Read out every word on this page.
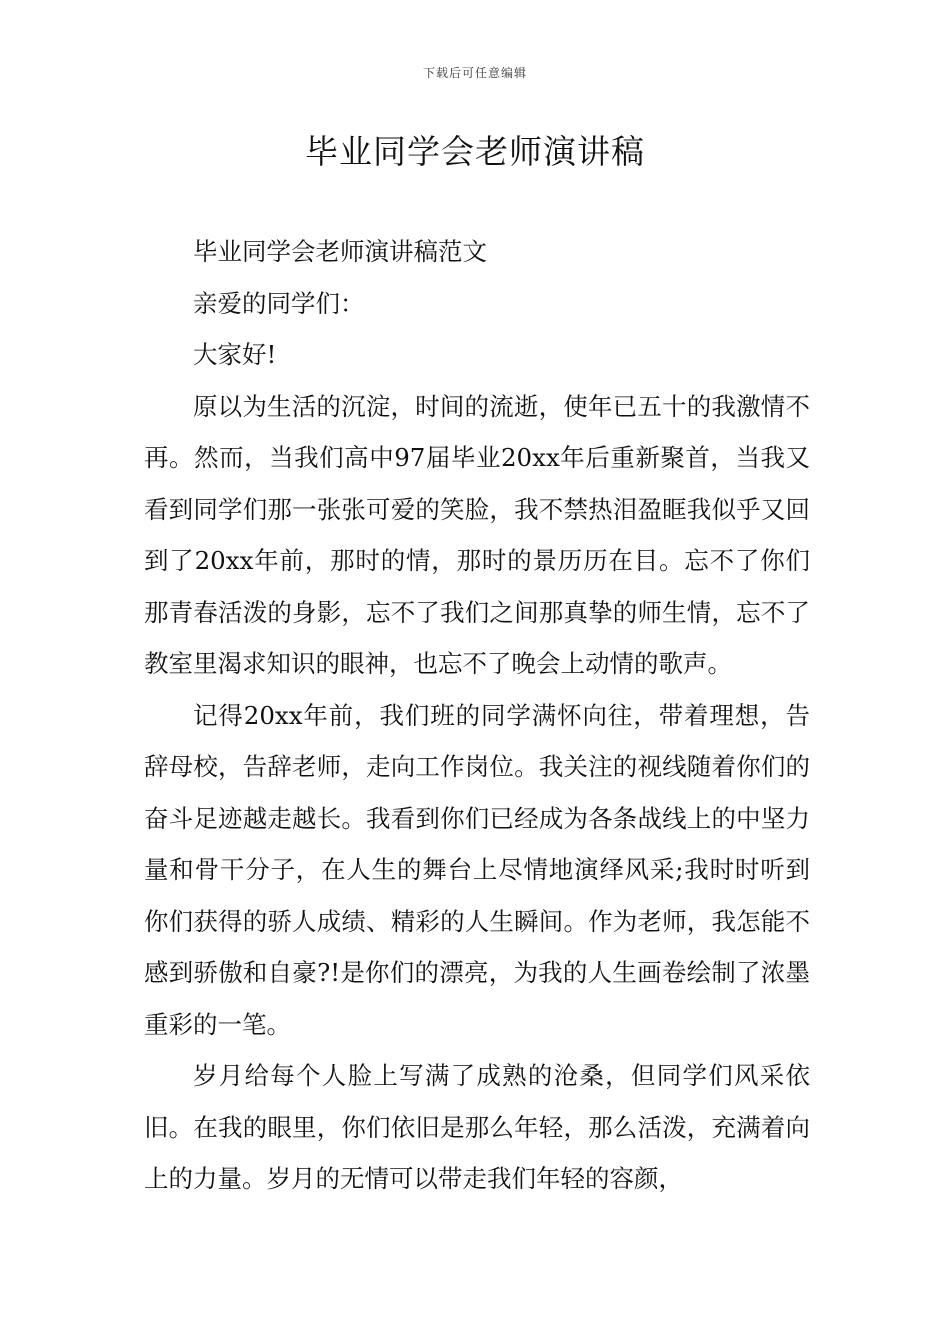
下载后可任意编辑
毕业同学会老师演讲稿

毕业同学会老师演讲稿范文

亲爱的同学们：

大家好!

原以为生活的沉淀，时间的流逝，使年已五十的我激情不再。然而，当我们高中97届毕业20xx年后重新聚首，当我又看到同学们那一张张可爱的笑脸，我不禁热泪盈眶我似乎又回到了20xx年前，那时的情，那时的景历历在目。忘不了你们那青春活泼的身影，忘不了我们之间那真挚的师生情，忘不了教室里渴求知识的眼神，也忘不了晚会上动情的歌声。

记得20xx年前，我们班的同学满怀向往，带着理想，告辞母校，告辞老师，走向工作岗位。我关注的视线随着你们的奋斗足迹越走越长。我看到你们已经成为各条战线上的中坚力量和骨干分子，在人生的舞台上尽情地演绎风采;我时时听到你们获得的骄人成绩、精彩的人生瞬间。作为老师，我怎能不感到骄傲和自豪?!是你们的漂亮，为我的人生画卷绘制了浓墨重彩的一笔。

岁月给每个人脸上写满了成熟的沧桑，但同学们风采依旧。在我的眼里，你们依旧是那么年轻，那么活泼，充满着向上的力量。岁月的无情可以带走我们年轻的容颜，
